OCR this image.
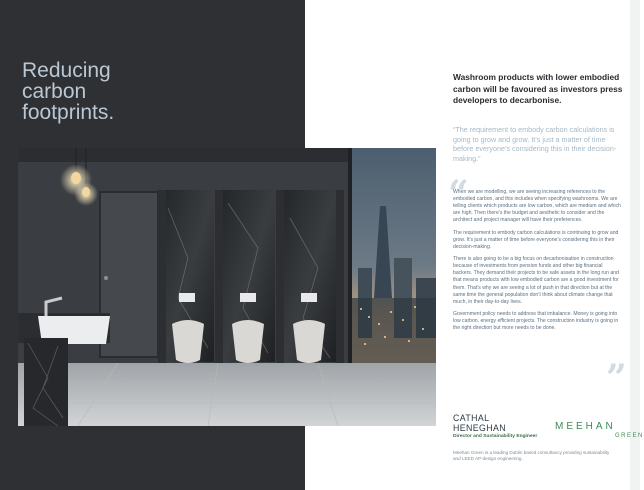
Reducing
carbon
footprints.
Washroom products with lower embodied carbon will be favoured as investors press developers to decarbonise.
“The requirement to embody carbon calculations is going to grow and grow. It’s just a matter of time before everyone’s considering this in their decision-making.”
“
”

When we are modelling, we are seeing increasing references to the embodied carbon, and this includes when specifying washrooms. We are telling clients which products are low carbon, which are medium and which are high. Then there’s the budget and aesthetic to consider and the architect and project manager will have their preferences.

The requirement to embody carbon calculations is continuing to grow and grow. It’s just a matter of time before everyone’s considering this in their decision-making.

There is also going to be a big focus on decarbonisation in construction because of investments from pension funds and other big financial backers. They demand their projects to be safe assets in the long run and that means products with low embodied carbon are a good investment for them. That’s why we are seeing a lot of push in that direction but at the same time the general population don’t think about climate change that much, in their day-to-day lives.

Government policy needs to address that imbalance. Money is going into low carbon, energy efficient projects. The construction industry is going in the right direction but more needs to be done.

CATHAL
HENEGHAN
Director and Sustainability Engineer
Meehan Green is a leading Dublin based consultancy providing sustainability and LEED AP-design engineering.
MEEHAN
GREEN
